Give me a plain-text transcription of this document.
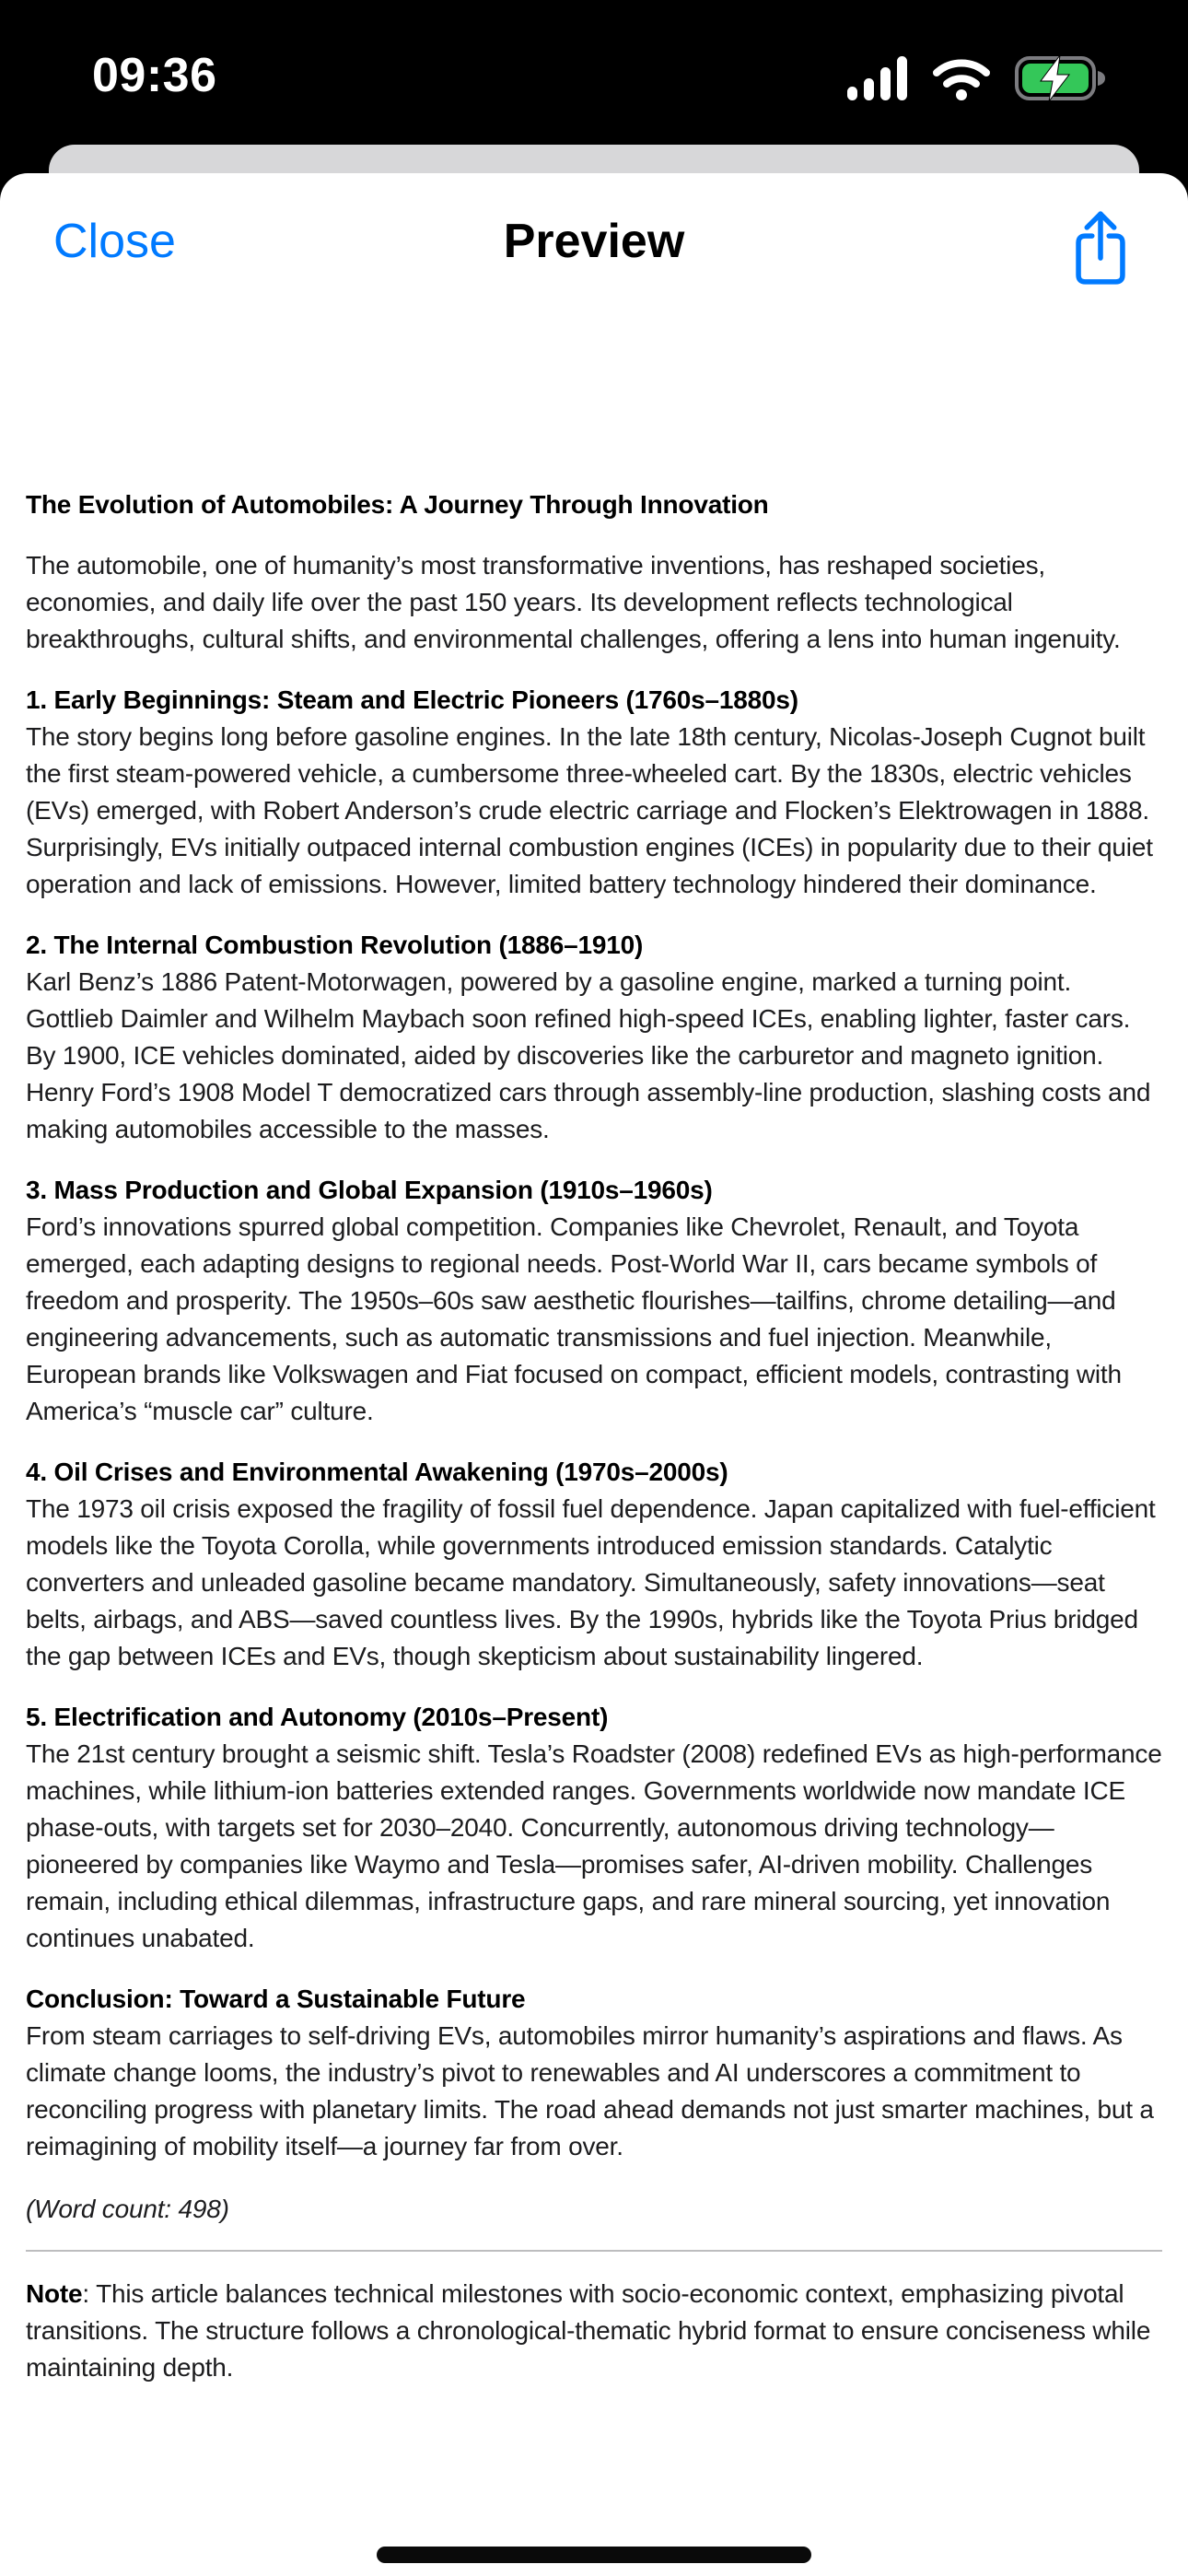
09:36
Close	Preview
The Evolution of Automobiles: A Journey Through Innovation

The automobile, one of humanity’s most transformative inventions, has reshaped societies, economies, and daily life over the past 150 years. Its development reflects technological breakthroughs, cultural shifts, and environmental challenges, offering a lens into human ingenuity.

1. Early Beginnings: Steam and Electric Pioneers (1760s–1880s)

The story begins long before gasoline engines. In the late 18th century, Nicolas-Joseph Cugnot built the first steam-powered vehicle, a cumbersome three-wheeled cart. By the 1830s, electric vehicles (EVs) emerged, with Robert Anderson’s crude electric carriage and Flocken’s Elektrowagen in 1888. Surprisingly, EVs initially outpaced internal combustion engines (ICEs) in popularity due to their quiet operation and lack of emissions. However, limited battery technology hindered their dominance.

2. The Internal Combustion Revolution (1886–1910)

Karl Benz’s 1886 Patent-Motorwagen, powered by a gasoline engine, marked a turning point. Gottlieb Daimler and Wilhelm Maybach soon refined high-speed ICEs, enabling lighter, faster cars. By 1900, ICE vehicles dominated, aided by discoveries like the carburetor and magneto ignition. Henry Ford’s 1908 Model T democratized cars through assembly-line production, slashing costs and making automobiles accessible to the masses.

3. Mass Production and Global Expansion (1910s–1960s)

Ford’s innovations spurred global competition. Companies like Chevrolet, Renault, and Toyota emerged, each adapting designs to regional needs. Post-World War II, cars became symbols of freedom and prosperity. The 1950s–60s saw aesthetic flourishes—tailfins, chrome detailing—and engineering advancements, such as automatic transmissions and fuel injection. Meanwhile, European brands like Volkswagen and Fiat focused on compact, efficient models, contrasting with America’s “muscle car” culture.

4. Oil Crises and Environmental Awakening (1970s–2000s)

The 1973 oil crisis exposed the fragility of fossil fuel dependence. Japan capitalized with fuel-efficient models like the Toyota Corolla, while governments introduced emission standards. Catalytic converters and unleaded gasoline became mandatory. Simultaneously, safety innovations—seat belts, airbags, and ABS—saved countless lives. By the 1990s, hybrids like the Toyota Prius bridged the gap between ICEs and EVs, though skepticism about sustainability lingered.

5. Electrification and Autonomy (2010s–Present)

The 21st century brought a seismic shift. Tesla’s Roadster (2008) redefined EVs as high-performance machines, while lithium-ion batteries extended ranges. Governments worldwide now mandate ICE phase-outs, with targets set for 2030–2040. Concurrently, autonomous driving technology—pioneered by companies like Waymo and Tesla—promises safer, AI-driven mobility. Challenges remain, including ethical dilemmas, infrastructure gaps, and rare mineral sourcing, yet innovation continues unabated.

Conclusion: Toward a Sustainable Future

From steam carriages to self-driving EVs, automobiles mirror humanity’s aspirations and flaws. As climate change looms, the industry’s pivot to renewables and AI underscores a commitment to reconciling progress with planetary limits. The road ahead demands not just smarter machines, but a reimagining of mobility itself—a journey far from over.

(Word count: 498)

Note: This article balances technical milestones with socio-economic context, emphasizing pivotal transitions. The structure follows a chronological-thematic hybrid format to ensure conciseness while maintaining depth.
